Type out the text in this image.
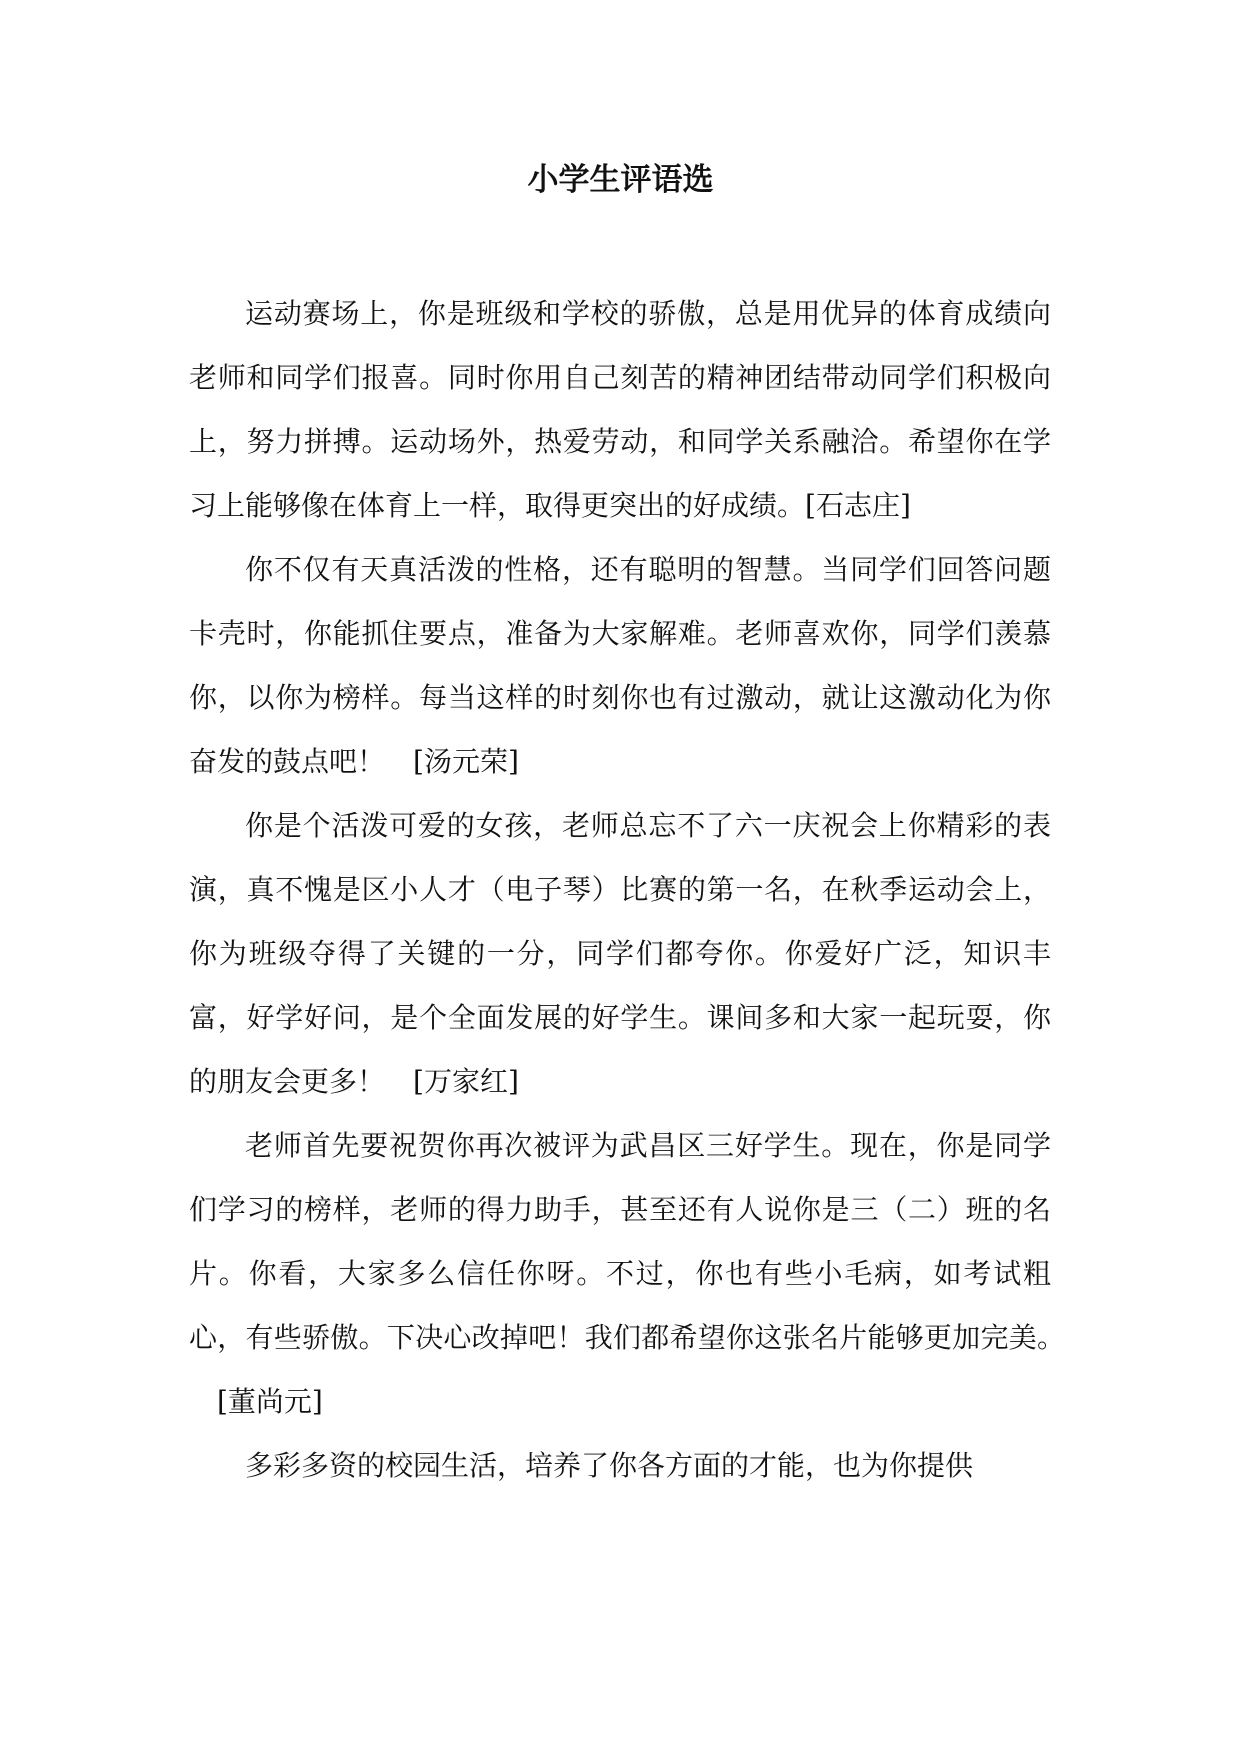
小学生评语选

运动赛场上，你是班级和学校的骄傲，总是用优异的体育成绩向老师和同学们报喜。同时你用自己刻苦的精神团结带动同学们积极向上，努力拼搏。运动场外，热爱劳动，和同学关系融洽。希望你在学习上能够像在体育上一样，取得更突出的好成绩。[石志庄]

你不仅有天真活泼的性格，还有聪明的智慧。当同学们回答问题卡壳时，你能抓住要点，准备为大家解难。老师喜欢你，同学们羡慕你，以你为榜样。每当这样的时刻你也有过激动，就让这激动化为你奋发的鼓点吧！　[汤元荣]

你是个活泼可爱的女孩，老师总忘不了六一庆祝会上你精彩的表演，真不愧是区小人才（电子琴）比赛的第一名，在秋季运动会上，你为班级夺得了关键的一分，同学们都夸你。你爱好广泛，知识丰富，好学好问，是个全面发展的好学生。课间多和大家一起玩耍，你的朋友会更多！　[万家红]

老师首先要祝贺你再次被评为武昌区三好学生。现在，你是同学们学习的榜样，老师的得力助手，甚至还有人说你是三（二）班的名片。你看，大家多么信任你呀。不过，你也有些小毛病，如考试粗心，有些骄傲。下决心改掉吧！我们都希望你这张名片能够更加完美。　[董尚元]

多彩多资的校园生活，培养了你各方面的才能，也为你提供
